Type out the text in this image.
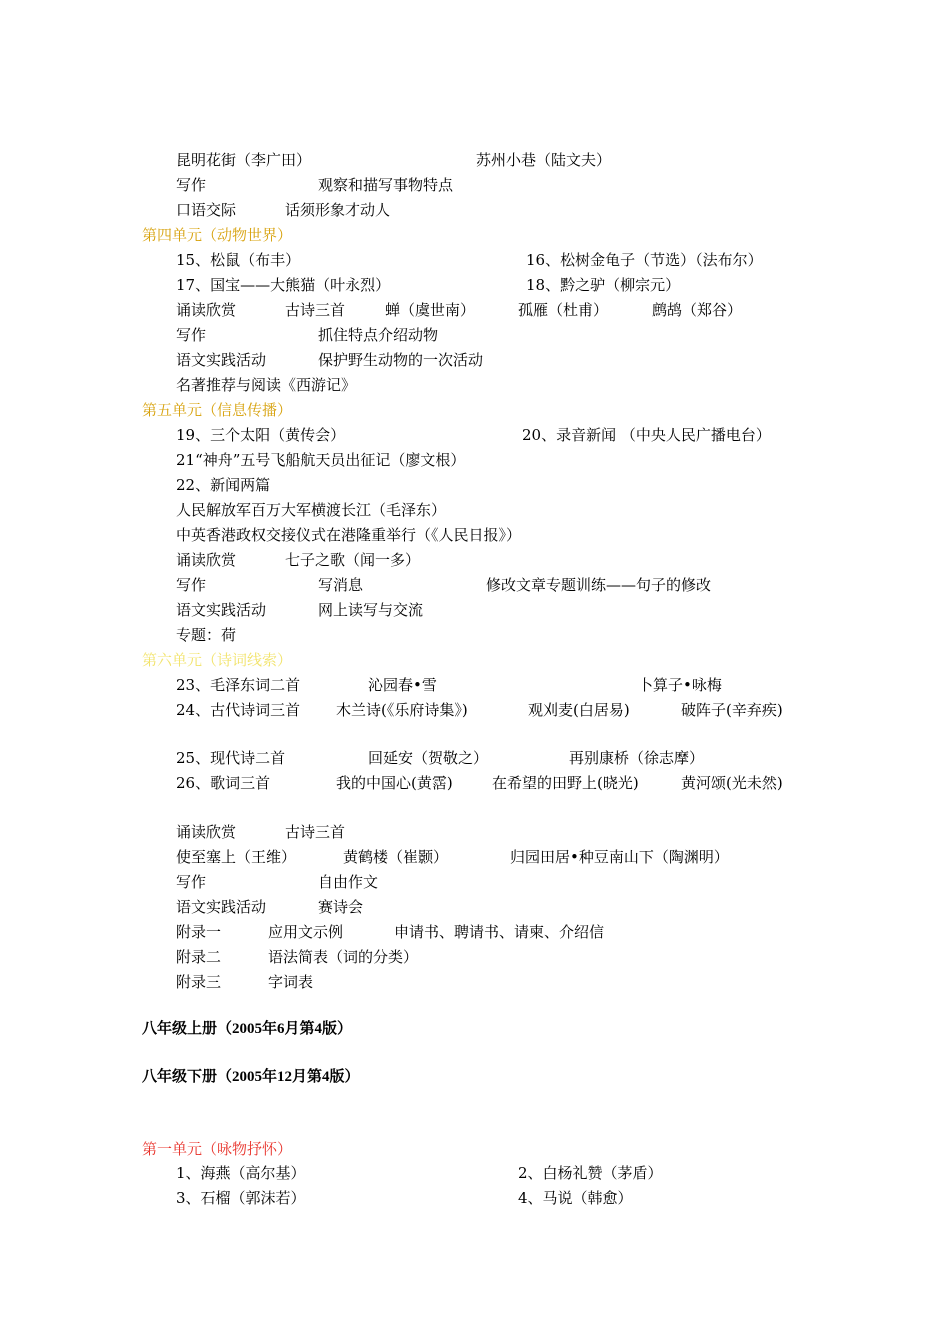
昆明花街（李广田）	苏州小巷（陆文夫）
写作	观察和描写事物特点
口语交际	话须形象才动人
第四单元（动物世界）
15、松鼠（布丰）	16、松树金龟子（节选）（法布尔）
17、国宝——大熊猫（叶永烈）	18、黔之驴（柳宗元）
诵读欣赏	古诗三首	蝉（虞世南）	孤雁（杜甫）	鹧鸪（郑谷）
写作	抓住特点介绍动物
语文实践活动	保护野生动物的一次活动
名著推荐与阅读《西游记》
第五单元（信息传播）
19、三个太阳（黄传会）	20、录音新闻 （中央人民广播电台）
21“神舟”五号飞船航天员出征记（廖文根）
22、新闻两篇
人民解放军百万大军横渡长江（毛泽东）
中英香港政权交接仪式在港隆重举行（《人民日报》）
诵读欣赏	七子之歌（闻一多）
写作	写消息	修改文章专题训练——句子的修改
语文实践活动	网上读写与交流
专题：荷
第六单元（诗词线索）
23、毛泽东词二首	沁园春•雪	卜算子•咏梅
24、古代诗词三首 木兰诗(《乐府诗集》)	观刈麦(白居易)	破阵子(辛弃疾)
25、现代诗二首	回延安（贺敬之）	再别康桥（徐志摩）
26、歌词三首	我的中国心(黄霑)	在希望的田野上(晓光)	黄河颂(光未然)
诵读欣赏	古诗三首
使至塞上（王维）	黄鹤楼（崔颢）	归园田居•种豆南山下（陶渊明）
写作	自由作文
语文实践活动	赛诗会
附录一	应用文示例	申请书、聘请书、请柬、介绍信
附录二	语法简表（词的分类）
附录三	字词表
八年级上册（2005年6月第4版）
八年级下册（2005年12月第4版）
第一单元（咏物抒怀）
1、海燕（高尔基）	2、白杨礼赞（茅盾）
3、石榴（郭沫若）	4、马说（韩愈）
